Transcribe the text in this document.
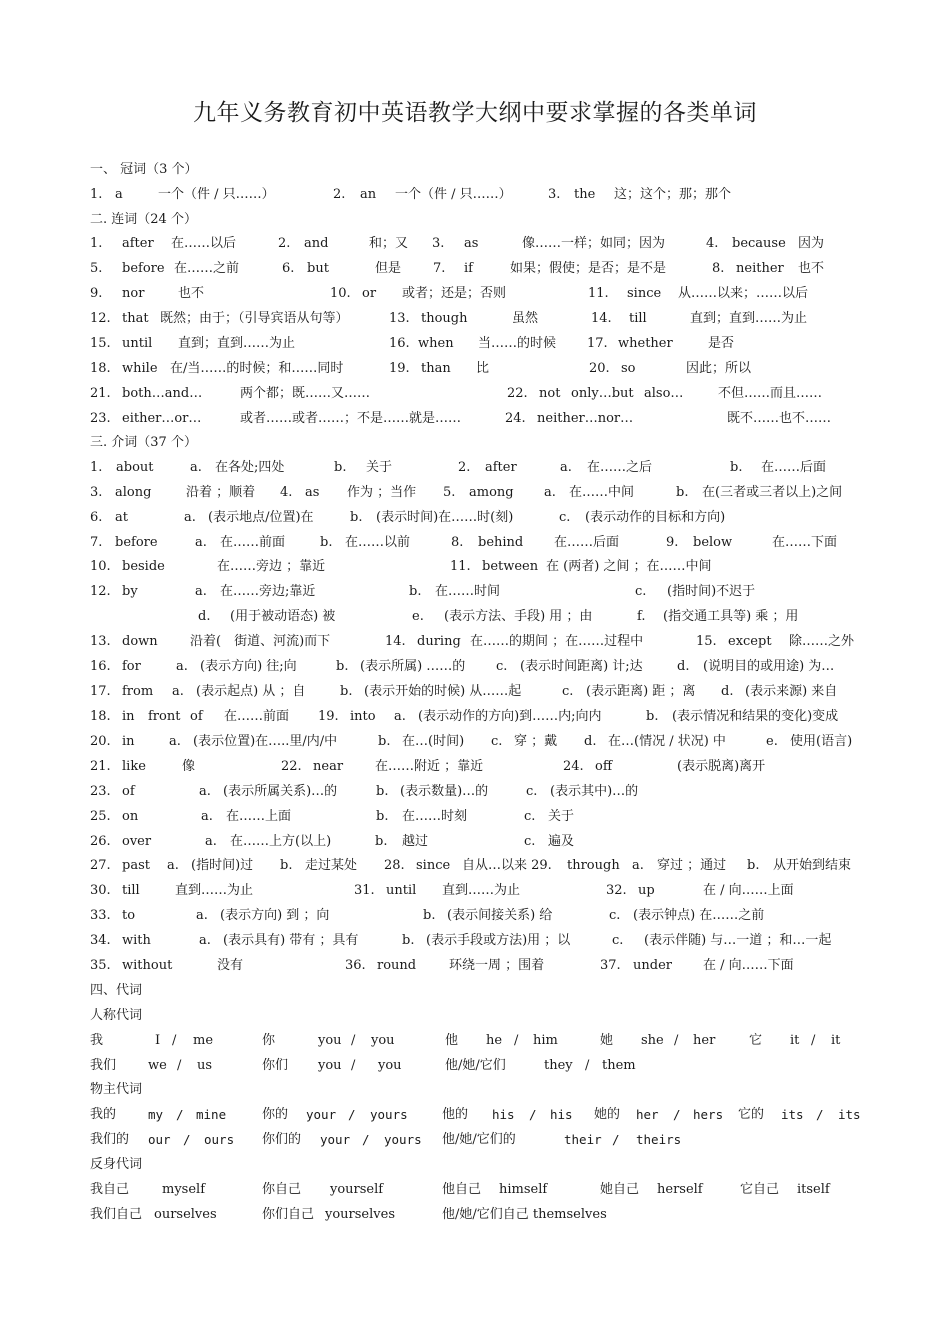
九年义务教育初中英语教学大纲中要求掌握的各类单词
一、 冠词（3 个）
1. a	一个（件 / 只……）	2. an 一个（件 / 只……）	3. the 这；这个；那；那个
二. 连词（24 个）
1. after 在……以后	2. and	和；又 3. as	像……一样；如同；因为	4. because 因为
5. before 在……之前	6. but	但是 7. if	如果；假使；是否；是不是	8. neither 也不
9. nor	也不	10. or 或者；还是；否则	11. since 从……以来；……以后
12. that 既然；由于；（引导宾语从句等）	13. though	虽然	14. till	直到；直到……为止
15. until 直到；直到……为止	16. when 当……的时候 17. whether	是否
18. while 在/当……的时候；和……同时	19. than 比	20. so	因此；所以
21. both…and…	两个都；既……又……	22. not only…but also…	不但……而且……
23. either…or…	或者……或者……；不是……就是……	24. neither…nor…	既不……也不……
三. 介词（37 个）
1. about	a. 在各处;四处	b. 关于	2. after	a. 在……之后	b. 在……后面
3. along	沿着 ；顺着 4. as 作为 ；当作 5. among a. 在……中间	b. 在(三者或三者以上)之间
6. at	a. (表示地点/位置)在	b. (表示时间)在……时(刻)	c. (表示动作的目标和方向)
7. before	a. 在……前面	b. 在……以前	8. behind 在……后面	9. below	在……下面
10. beside	在……旁边 ；靠近	11. between 在 (两者) 之间 ；在……中间
12. by	a. 在……旁边;靠近	b. 在……时间	c. (指时间)不迟于
d. (用于被动语态) 被	e. (表示方法、手段) 用 ；由	f. (指交通工具等) 乘 ；用
13. down 沿着(　街道、河流)而下	14. during 在……的期间 ；在……过程中	15. except 除……之外
16. for	a. (表示方向) 往;向	b. (表示所属) ……的 c. (表示时间距离) 计;达	d. (说明目的或用途) 为…
17. from a. (表示起点) 从 ；自	b. (表示开始的时候) 从……起	c. (表示距离) 距 ；离 d. (表示来源) 来自
18. in front of 在……前面 19. into a. (表示动作的方向)到……内;向内	b. (表示情况和结果的变化)变成
20. in	a. (表示位置)在…..里/内/中	b. 在…(时间) c. 穿 ；戴 d. 在…(情况 / 状况) 中	e. 使用(语言)
21. like	像	22. near 在……附近 ；靠近	24. off	(表示脱离)离开
23. of	a. (表示所属关系)…的	b. (表示数量)…的	c. (表示其中)…的
25. on	a. 在……上面	b. 在……时刻	c. 关于
26. over	a. 在……上方(以上)	b. 越过	c. 遍及
27. past a. (指时间)过 b. 走过某处 28. since 自从…以来 29. through a. 穿过 ；通过 b. 从开始到结束
30. till	直到……为止	31. until 直到……为止	32. up	在 / 向……上面
33. to	a. (表示方向) 到 ；向	b. (表示间接关系) 给	c. (表示钟点) 在……之前
34. with	a. (表示具有) 带有 ；具有	b. (表示手段或方法)用 ；以	c. (表示伴随) 与…一道 ；和…一起
35. without	没有	36. round	环绕一周 ；围着	37. under 在 / 向……下面
四、代词
人称代词
我	I / me	你	you / you	他 he / him	她 she / her	它 it / it
我们 we / us	你们 you / you	他/她/它们	they / them
物主代词
我的	my / mine	你的 your / yours	他的 his / his 她的 her / hers 它的 its / its
我们的 our / ours 你们的 your / yours 他/她/它们的	their / theirs
反身代词
我自己	myself	你自己 yourself	他自己 himself	她自己 herself	它自己 itself
我们自己 ourselves	你们自己 yourselves	他/她/它们自己 themselves
